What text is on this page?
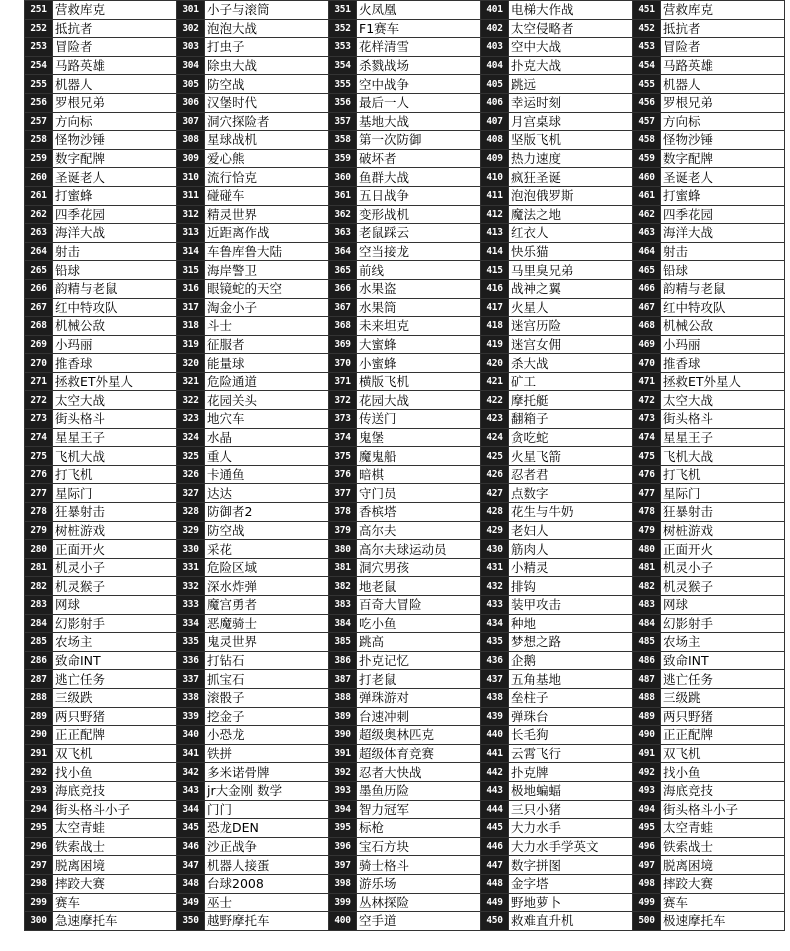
251	营救库克	301	小子与滚筒	351	火凤凰	401	电梯大作战	451	营救库克
252	抵抗者	302	泡泡大战	352	F1赛车	402	太空侵略者	452	抵抗者
253	冒险者	303	打虫子	353	花样清雪	403	空中大战	453	冒险者
254	马路英雄	304	除虫大战	354	杀戮战场	404	扑克大战	454	马路英雄
255	机器人	305	防空战	355	空中战争	405	跳远	455	机器人
256	罗根兄弟	306	汉堡时代	356	最后一人	406	幸运时刻	456	罗根兄弟
257	方向标	307	洞穴探险者	357	基地大战	407	月宫桌球	457	方向标
258	怪物沙锤	308	星球战机	358	第一次防御	408	坚版飞机	458	怪物沙锤
259	数字配牌	309	爱心熊	359	破坏者	409	热力速度	459	数字配牌
260	圣诞老人	310	流行恰克	360	鱼群大战	410	疯狂圣诞	460	圣诞老人
261	打蜜蜂	311	碰碰车	361	五日战争	411	泡泡俄罗斯	461	打蜜蜂
262	四季花园	312	精灵世界	362	变形战机	412	魔法之地	462	四季花园
263	海洋大战	313	近距离作战	363	老鼠踩云	413	红衣人	463	海洋大战
264	射击	314	车鲁库鲁大陆	364	空当接龙	414	快乐猫	464	射击
265	铅球	315	海岸警卫	365	前线	415	马里臭兄弟	465	铅球
266	韵精与老鼠	316	眼镜蛇的天空	366	水果盗	416	战神之翼	466	韵精与老鼠
267	红中特攻队	317	淘金小子	367	水果筒	417	火星人	467	红中特攻队
268	机械公敌	318	斗士	368	未来坦克	418	迷宫历险	468	机械公敌
269	小玛丽	319	征服者	369	大蜜蜂	419	迷宫女佣	469	小玛丽
270	推香球	320	能量球	370	小蜜蜂	420	杀大战	470	推香球
271	拯救ET外星人	321	危险通道	371	横版飞机	421	矿工	471	拯救ET外星人
272	太空大战	322	花园关头	372	花园大战	422	摩托艇	472	太空大战
273	街头格斗	323	地穴车	373	传送门	423	翻箱子	473	街头格斗
274	星星王子	324	水晶	374	鬼堡	424	贪吃蛇	474	星星王子
275	飞机大战	325	重人	375	魔鬼船	425	火星飞箭	475	飞机大战
276	打飞机	326	卡通鱼	376	暗棋	426	忍者君	476	打飞机
277	星际门	327	达达	377	守门员	427	点数字	477	星际门
278	狂暴射击	328	防御者2	378	香槟塔	428	花生与牛奶	478	狂暴射击
279	树桩游戏	329	防空战	379	高尔夫	429	老妇人	479	树桩游戏
280	正面开火	330	采花	380	高尔夫球运动员	430	筋肉人	480	正面开火
281	机灵小子	331	危险区域	381	洞穴男孩	431	小精灵	481	机灵小子
282	机灵猴子	332	深水炸弹	382	地老鼠	432	排钩	482	机灵猴子
283	网球	333	魔宫勇者	383	百奇大冒险	433	装甲攻击	483	网球
284	幻影射手	334	恶魔骑士	384	吃小鱼	434	种地	484	幻影射手
285	农场主	335	鬼灵世界	385	跳高	435	梦想之路	485	农场主
286	致命INT	336	打钻石	386	扑克记忆	436	企鹅	486	致命INT
287	逃亡任务	337	抓宝石	387	打老鼠	437	五角基地	487	逃亡任务
288	三级跌	338	滚骰子	388	弹珠游对	438	垒柱子	488	三级跳
289	两只野猪	339	挖金子	389	台速冲刺	439	弹珠台	489	两只野猪
290	正正配牌	340	小恐龙	390	超级奥林匹克	440	长毛狗	490	正正配牌
291	双飞机	341	铁拼	391	超级体育竞赛	441	云霄飞行	491	双飞机
292	找小鱼	342	多米诺骨牌	392	忍者大快战	442	扑克牌	492	找小鱼
293	海底竞技	343	jr大金刚 数学	393	墨鱼历险	443	极地蝙蝠	493	海底竞技
294	街头格斗小子	344	门门	394	智力冠军	444	三只小猪	494	街头格斗小子
295	太空青蛙	345	恐龙DEN	395	标枪	445	大力水手	495	太空青蛙
296	铁索战士	346	沙正战争	396	宝石方块	446	大力水手学英文	496	铁索战士
297	脱离困境	347	机器人接蛋	397	骑士格斗	447	数字拼图	497	脱离困境
298	摔跤大赛	348	台球2008	398	游乐场	448	金字塔	498	摔跤大赛
299	赛车	349	巫士	399	丛林探险	449	野地萝卜	499	赛车
300	急速摩托车	350	越野摩托车	400	空手道	450	救难直升机	500	极速摩托车
